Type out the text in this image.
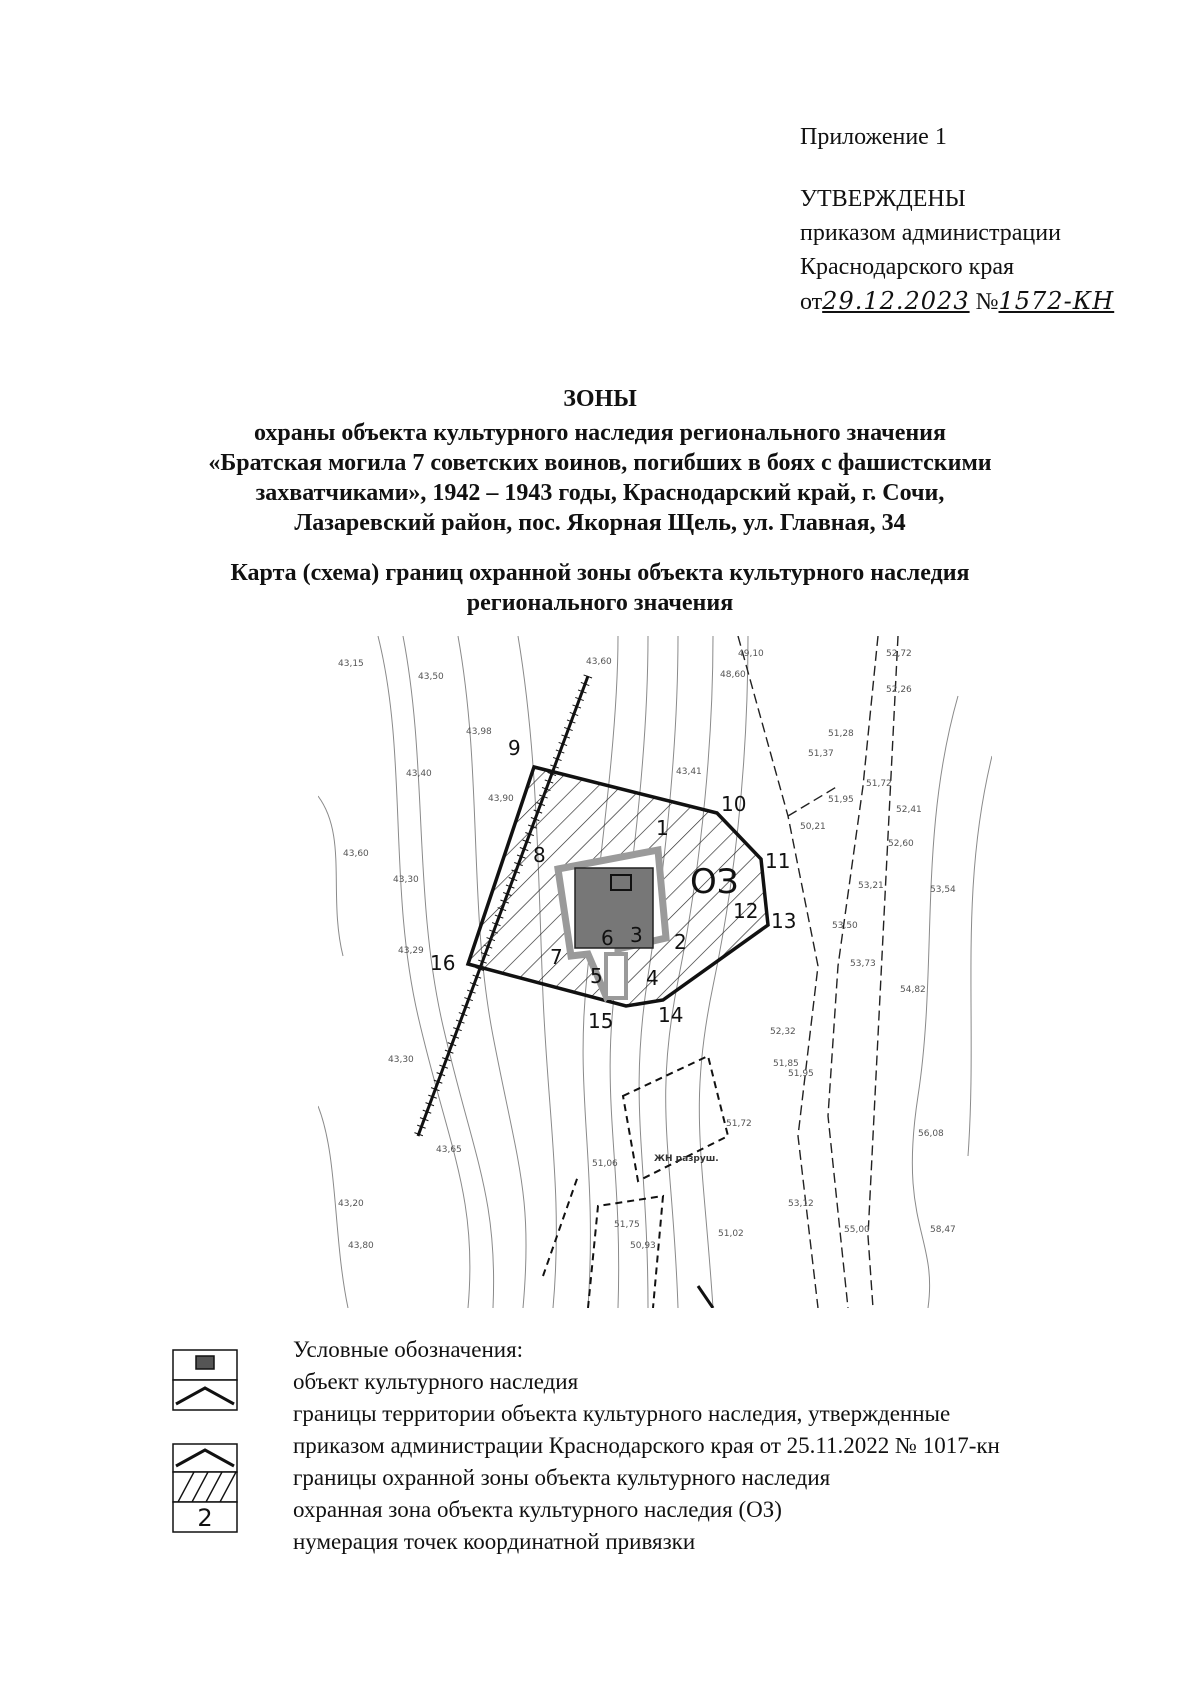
Приложение 1
УТВЕРЖДЕНЫ
приказом администрации
Краснодарского края
от29.12.2023 №1572-КН
ЗОНЫ
охраны объекта культурного наследия регионального значения
«Братская могила 7 советских воинов, погибших в боях с фашистскими
захватчиками», 1942 – 1943 годы, Краснодарский край, г. Сочи,
Лазаревский район, пос. Якорная Щель, ул. Главная, 34
Карта (схема) границ охранной зоны объекта культурного наследия
регионального значения
ЖН разруш.
ОЗ
1
2
3
4
5
6
7
8
9
10
11
12 13
14
15
16
43,15
43,50
43,60
43,98
43,40
43,90
43,41
48,60
49,10
52,26
52,72
51,28
51,37
51,72
51,95
52,41
52,60
50,21
53,21	53,54
53,50
53,73
54,82
43,60
43,30
43,29
43,20
43,30
43,65
43,80
51,85
51,72
51,06
51,75
50,93
51,95
52,32
53,12
51,02	55,00
56,08
58,47
2
Условные обозначения:
объект культурного наследия
границы территории объекта культурного наследия, утвержденные
приказом администрации Краснодарского края от 25.11.2022 № 1017-кн
границы охранной зоны объекта культурного наследия
охранная зона объекта культурного наследия (ОЗ)
нумерация точек координатной привязки
